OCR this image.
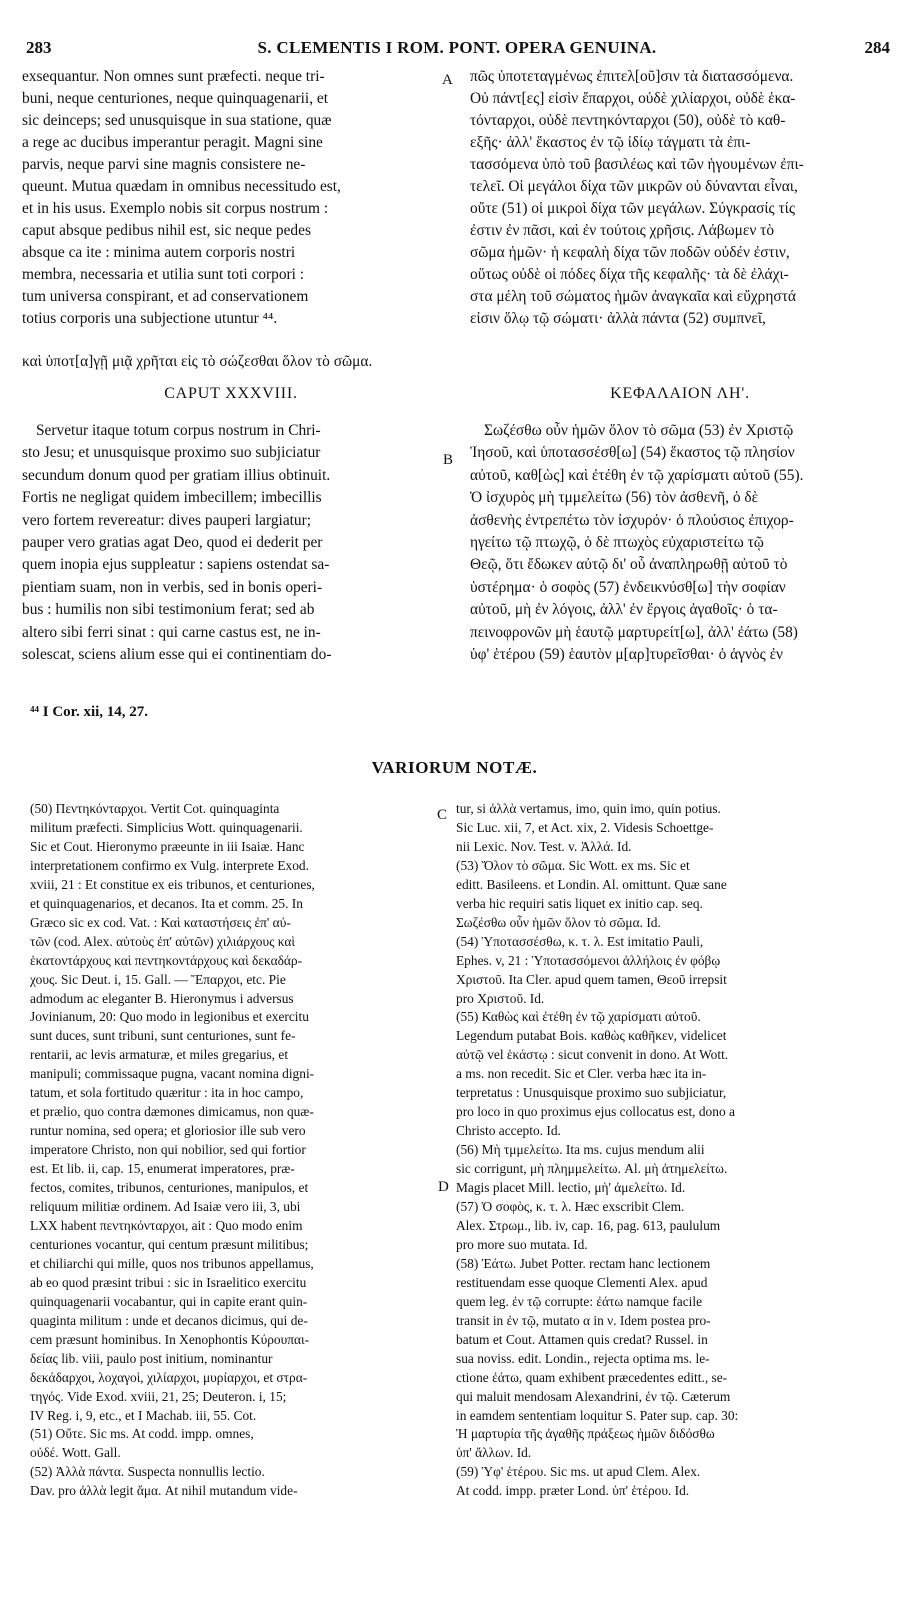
283	S. CLEMENTIS I ROM. PONT. OPERA GENUINA.	284
A
B
C
D
exsequantur. Non omnes sunt præfecti. neque tri-
buni, neque centuriones, neque quinquagenarii, et
sic deinceps; sed unusquisque in sua statione, quæ
a rege ac ducibus imperantur peragit. Magni sine
parvis, neque parvi sine magnis consistere ne-
queunt. Mutua quædam in omnibus necessitudo est,
et in his usus. Exemplo nobis sit corpus nostrum :
caput absque pedibus nihil est, sic neque pedes
absque ca ite : minima autem corporis nostri
membra, necessaria et utilia sunt toti corpori :
tum universa conspirant, et ad conservationem
totius corporis una subjectione utuntur ⁴⁴.
πῶς ὑποτεταγμένως ἐπιτελ[οῦ]σιν τὰ διατασσόμενα.
Οὐ πάντ[ες] εἰσὶν ἔπαρχοι, οὐδὲ χιλίαρχοι, οὐδὲ ἑκα-
τόνταρχοι, οὐδὲ πεντηκόνταρχοι (50), οὐδὲ τὸ καθ-
εξῆς· ἀλλ' ἕκαστος ἐν τῷ ἰδίῳ τάγματι τὰ ἐπι-
τασσόμενα ὑπὸ τοῦ βασιλέως καὶ τῶν ἡγουμένων ἐπι-
τελεῖ. Οἱ μεγάλοι δίχα τῶν μικρῶν οὐ δύνανται εἶναι,
οὔτε (51) οἱ μικροὶ δίχα τῶν μεγάλων. Σύγκρασίς τίς
ἐστιν ἐν πᾶσι, καὶ ἐν τούτοις χρῆσις. Λάβωμεν τὸ
σῶμα ἡμῶν· ἡ κεφαλὴ δίχα τῶν ποδῶν οὐδέν ἐστιν,
οὕτως οὐδὲ οἱ πόδες δίχα τῆς κεφαλῆς· τὰ δὲ ἐλάχι-
στα μέλη τοῦ σώματος ἡμῶν ἀναγκαῖα καὶ εὔχρηστά
εἰσιν ὅλῳ τῷ σώματι· ἀλλὰ πάντα (52) συμπνεῖ,
καὶ ὑποτ[α]γῇ μιᾷ χρῆται εἰς τὸ σώζεσθαι ὅλον τὸ σῶμα.
CAPUT XXXVIII.	ΚΕΦΑΛΑΙΟΝ ΛΗ'.
Servetur itaque totum corpus nostrum in Chri-
sto Jesu; et unusquisque proximo suo subjiciatur
secundum donum quod per gratiam illius obtinuit.
Fortis ne negligat quidem imbecillem; imbecillis
vero fortem revereatur: dives pauperi largiatur;
pauper vero gratias agat Deo, quod ei dederit per
quem inopia ejus suppleatur : sapiens ostendat sa-
pientiam suam, non in verbis, sed in bonis operi-
bus : humilis non sibi testimonium ferat; sed ab
altero sibi ferri sinat : qui carne castus est, ne in-
solescat, sciens alium esse qui ei continentiam do-
Σωζέσθω οὖν ἡμῶν ὅλον τὸ σῶμα (53) ἐν Χριστῷ
Ἰησοῦ, καὶ ὑποτασσέσθ[ω] (54) ἕκαστος τῷ πλησίον
αὐτοῦ, καθ[ὼς] καὶ ἐτέθη ἐν τῷ χαρίσματι αὐτοῦ (55).
Ὁ ἰσχυρὸς μὴ τμμελείτω (56) τὸν ἀσθενῆ, ὁ δὲ
ἀσθενὴς ἐντρεπέτω τὸν ἰσχυρόν· ὁ πλούσιος ἐπιχορ-
ηγείτω τῷ πτωχῷ, ὁ δὲ πτωχὸς εὐχαριστείτω τῷ
Θεῷ, ὅτι ἔδωκεν αὐτῷ δι' οὗ ἀναπληρωθῇ αὐτοῦ τὸ
ὑστέρημα· ὁ σοφὸς (57) ἐνδεικνύσθ[ω] τὴν σοφίαν
αὐτοῦ, μὴ ἐν λόγοις, ἀλλ' ἐν ἔργοις ἀγαθοῖς· ὁ τα-
πεινοφρονῶν μὴ ἑαυτῷ μαρτυρείτ[ω], ἀλλ' ἐάτω (58)
ὑφ' ἑτέρου (59) ἑαυτὸν μ[αρ]τυρεῖσθαι· ὁ ἁγνὸς ἐν
⁴⁴ I Cor. xii, 14, 27.
VARIORUM NOTÆ.
(50) Πεντηκόνταρχοι. Vertit Cot. quinquaginta
militum præfecti. Simplicius Wott. quinquagenarii.
Sic et Cout. Hieronymo præeunte in iii Isaiæ. Hanc
interpretationem confirmo ex Vulg. interprete Exod.
xviii, 21 : Et constitue ex eis tribunos, et centuriones,
et quinquagenarios, et decanos. Ita et comm. 25. In
Græco sic ex cod. Vat. : Καὶ καταστήσεις ἐπ' αὐ-
τῶν (cod. Alex. αὐτοὺς ἐπ' αὐτῶν) χιλιάρχους καὶ
ἑκατοντάρχους καὶ πεντηκοντάρχους καὶ δεκαδάρ-
χους. Sic Deut. i, 15. Gall. — Ἔπαρχοι, etc. Pie
admodum ac eleganter B. Hieronymus i adversus
Jovinianum, 20: Quo modo in legionibus et exercitu
sunt duces, sunt tribuni, sunt centuriones, sunt fe-
rentarii, ac levis armaturæ, et miles gregarius, et
manipuli; commissaque pugna, vacant nomina digni-
tatum, et sola fortitudo quæritur : ita in hoc campo,
et prælio, quo contra dæmones dimicamus, non quæ-
runtur nomina, sed opera; et gloriosior ille sub vero
imperatore Christo, non qui nobilior, sed qui fortior
est. Et lib. ii, cap. 15, enumerat imperatores, præ-
fectos, comites, tribunos, centuriones, manipulos, et
reliquum militiæ ordinem. Ad Isaiæ vero iii, 3, ubi
LXX habent πεντηκόνταρχοι, ait : Quo modo enim
centuriones vocantur, qui centum præsunt militibus;
et chiliarchi qui mille, quos nos tribunos appellamus,
ab eo quod præsint tribui : sic in Israelitico exercitu
quinquagenarii vocabantur, qui in capite erant quin-
quaginta militum : unde et decanos dicimus, qui de-
cem præsunt hominibus. In Xenophontis Κύρουπαι-
δείας lib. viii, paulo post initium, nominantur
δεκάδαρχοι, λοχαγοὶ, χιλίαρχοι, μυρίαρχοι, et στρα-
τηγός. Vide Exod. xviii, 21, 25; Deuteron. i, 15;
IV Reg. i, 9, etc., et I Machab. iii, 55. Cot.
(51) Οὔτε. Sic ms. At codd. impp. omnes,
οὐδέ. Wott. Gall.
(52) Ἀλλὰ πάντα. Suspecta nonnullis lectio.
Dav. pro ἀλλὰ legit ἅμα. At nihil mutandum vide-
tur, si ἀλλὰ vertamus, imo, quin imo, quin potius.
Sic Luc. xii, 7, et Act. xix, 2. Videsis Schoettge-
nii Lexic. Nov. Test. v. Ἀλλά. Id.
(53) Ὅλον τὸ σῶμα. Sic Wott. ex ms. Sic et
editt. Basileens. et Londin. Al. omittunt. Quæ sane
verba hic requiri satis liquet ex initio cap. seq.
Σωζέσθω οὖν ἡμῶν ὅλον τὸ σῶμα. Id.
(54) Ὑποτασσέσθω, κ. τ. λ. Est imitatio Pauli,
Ephes. v, 21 : Ὑποτασσόμενοι ἀλλήλοις ἐν φόβῳ
Χριστοῦ. Ita Cler. apud quem tamen, Θεοῦ irrepsit
pro Χριστοῦ. Id.
(55) Καθὼς καὶ ἐτέθη ἐν τῷ χαρίσματι αὐτοῦ.
Legendum putabat Bois. καθὼς καθῆκεν, videlicet
αὐτῷ vel ἑκάστῳ : sicut convenit in dono. At Wott.
a ms. non recedit. Sic et Cler. verba hæc ita in-
terpretatus : Unusquisque proximo suo subjiciatur,
pro loco in quo proximus ejus collocatus est, dono a
Christo accepto. Id.
(56) Μὴ τμμελείτω. Ita ms. cujus mendum alii
sic corrigunt, μὴ πλημμελείτω. Al. μὴ ἀτημελείτω.
Magis placet Mill. lectio, μὴ' ἀμελείτω. Id.
(57) Ὁ σοφὸς, κ. τ. λ. Hæc exscribit Clem.
Alex. Στρωμ., lib. iv, cap. 16, pag. 613, paululum
pro more suo mutata. Id.
(58) Ἐάτω. Jubet Potter. rectam hanc lectionem
restituendam esse quoque Clementi Alex. apud
quem leg. ἐν τῷ corrupte: ἐάτω namque facile
transit in ἐν τῷ, mutato α in ν. Idem postea pro-
batum et Cout. Attamen quis credat? Russel. in
sua noviss. edit. Londin., rejecta optima ms. le-
ctione ἐάτω, quam exhibent præcedentes editt., se-
qui maluit mendosam Alexandrini, ἐν τῷ. Cæterum
in eamdem sententiam loquitur S. Pater sup. cap. 30:
Ἡ μαρτυρία τῆς ἀγαθῆς πράξεως ἡμῶν διδόσθω
ὑπ' ἄλλων. Id.
(59) Ὑφ' ἑτέρου. Sic ms. ut apud Clem. Alex.
At codd. impp. præter Lond. ὑπ' ἑτέρου. Id.
